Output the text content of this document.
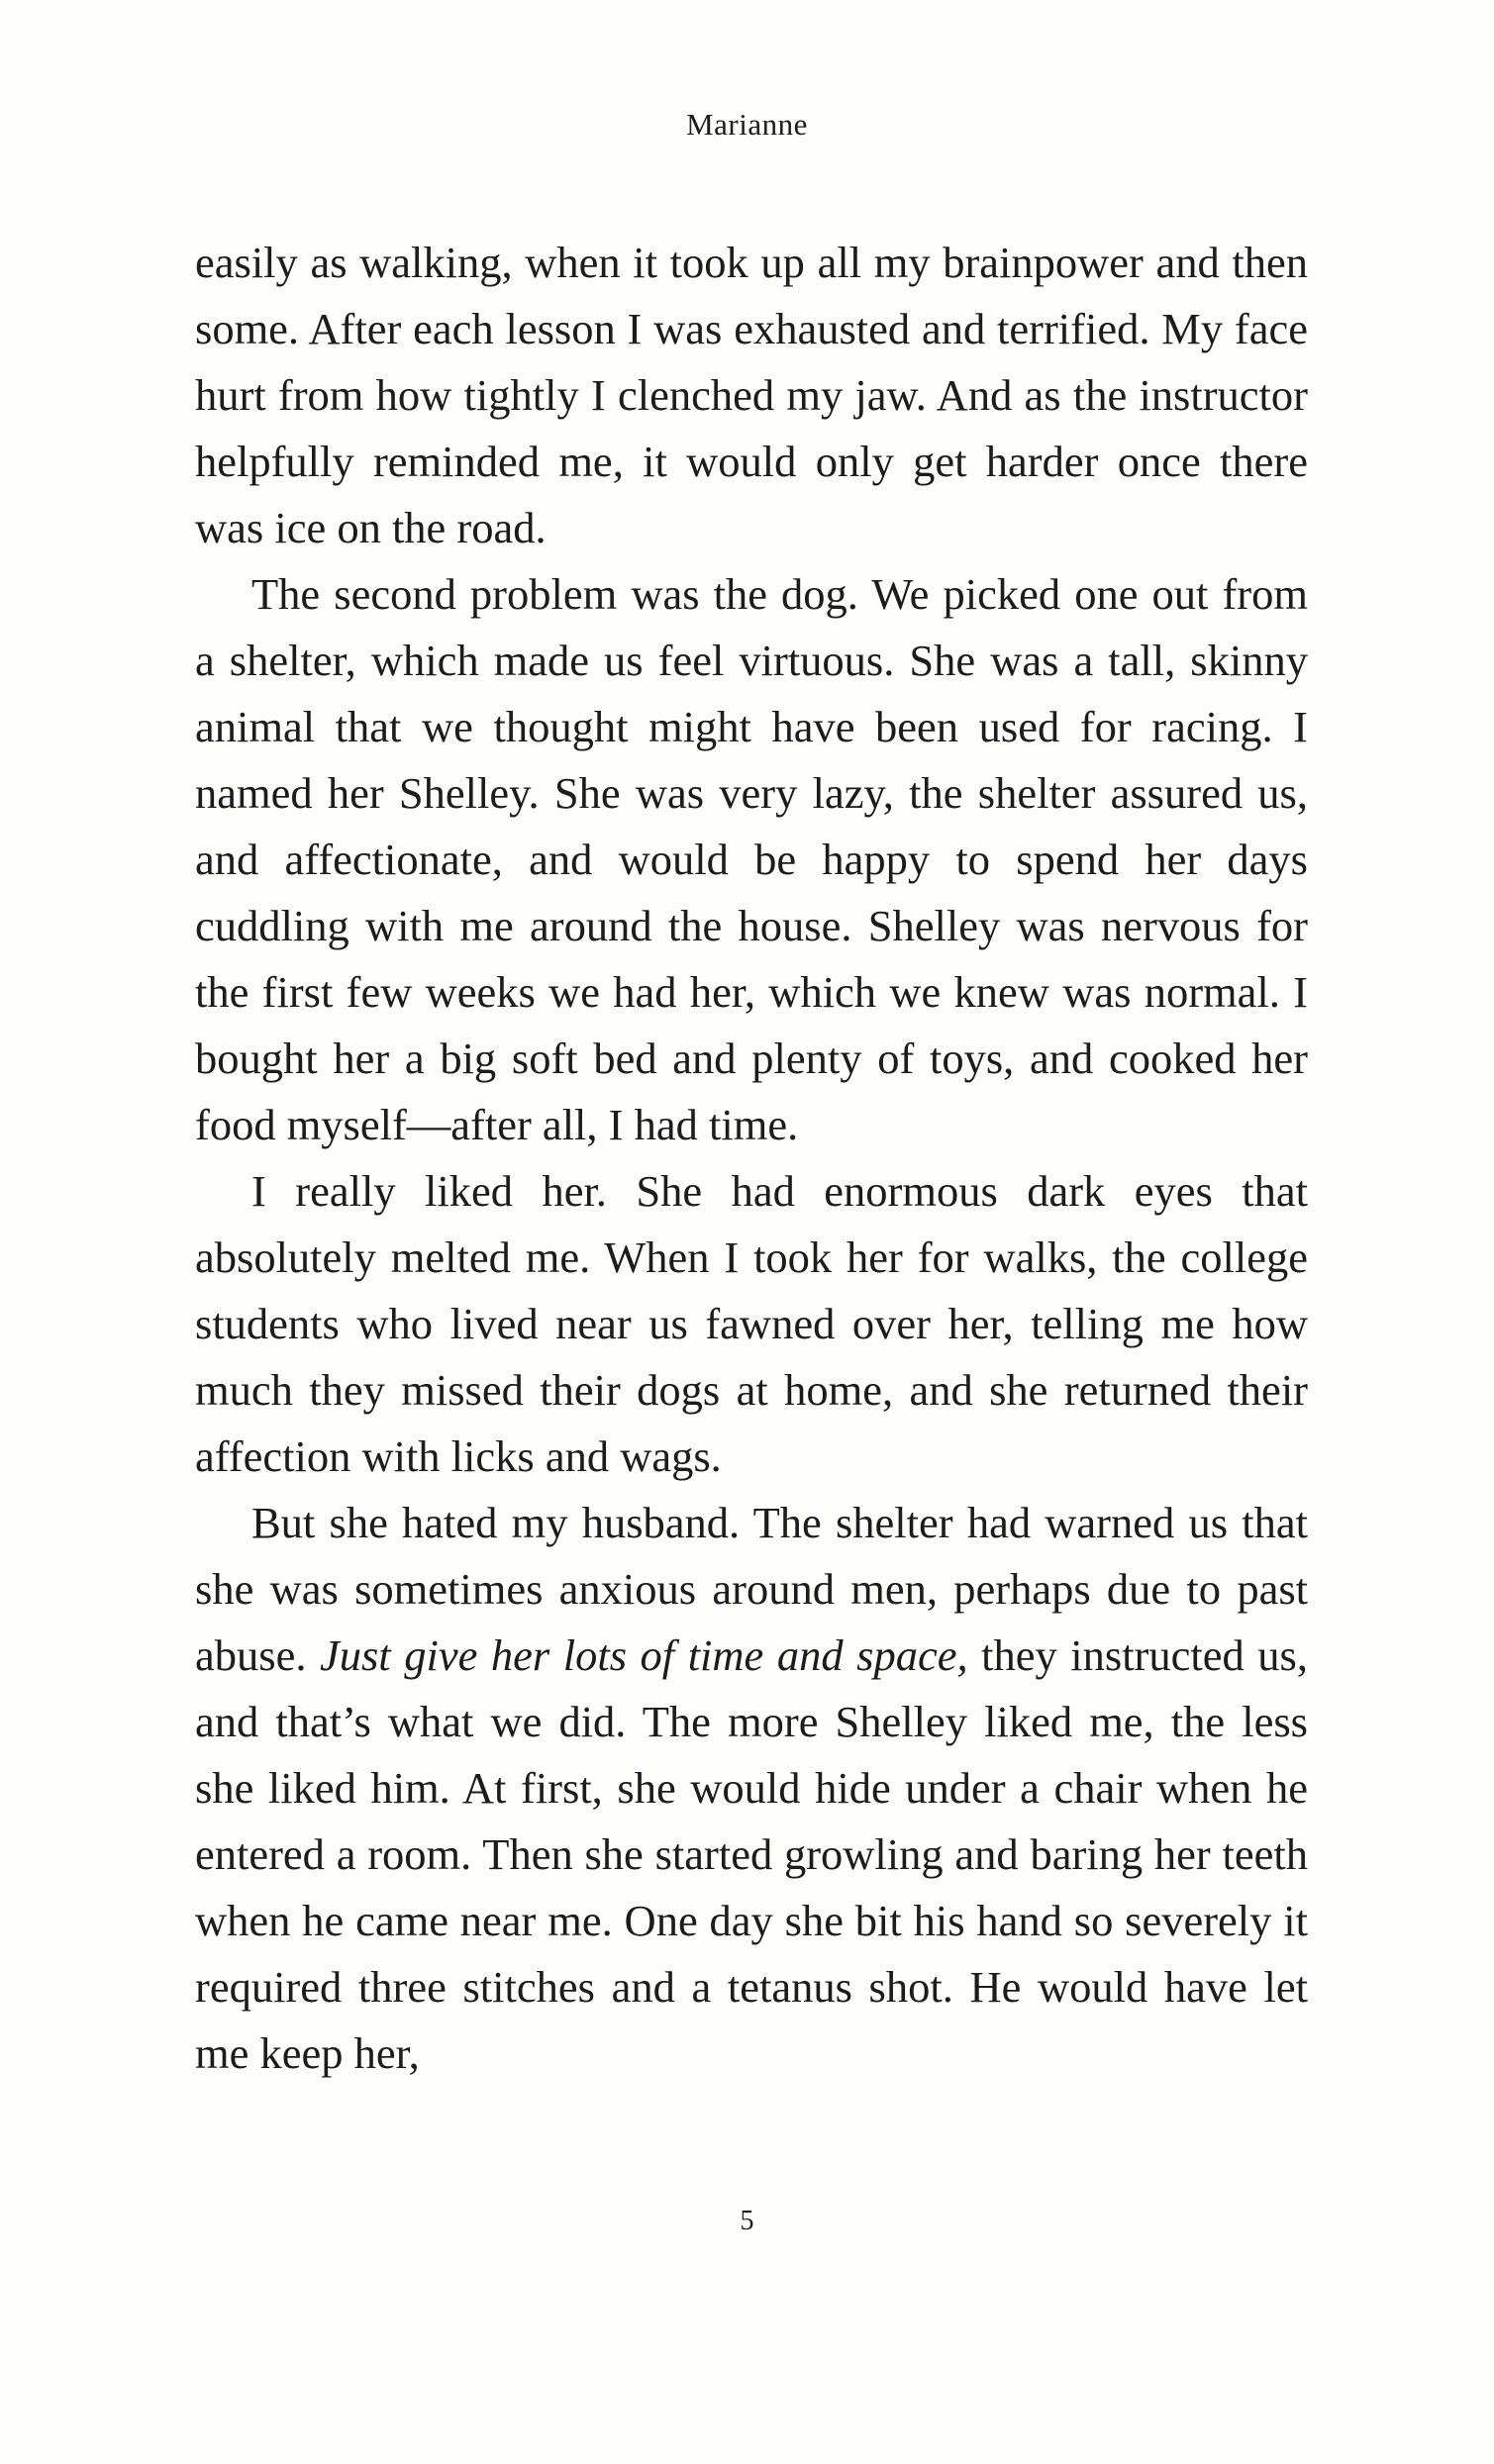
Marianne

easily as walking, when it took up all my brainpower and then some. After each lesson I was exhausted and terrified. My face hurt from how tightly I clenched my jaw. And as the instructor helpfully reminded me, it would only get harder once there was ice on the road.

The second problem was the dog. We picked one out from a shelter, which made us feel virtuous. She was a tall, skinny animal that we thought might have been used for racing. I named her Shelley. She was very lazy, the shelter assured us, and affectionate, and would be happy to spend her days cuddling with me around the house. Shelley was nervous for the first few weeks we had her, which we knew was normal. I bought her a big soft bed and plenty of toys, and cooked her food myself—after all, I had time.

I really liked her. She had enormous dark eyes that absolutely melted me. When I took her for walks, the college students who lived near us fawned over her, telling me how much they missed their dogs at home, and she returned their affection with licks and wags.

But she hated my husband. The shelter had warned us that she was sometimes anxious around men, perhaps due to past abuse. Just give her lots of time and space, they instructed us, and that’s what we did. The more Shelley liked me, the less she liked him. At first, she would hide under a chair when he entered a room. Then she started growling and baring her teeth when he came near me. One day she bit his hand so severely it required three stitches and a tetanus shot. He would have let me keep her,

5
